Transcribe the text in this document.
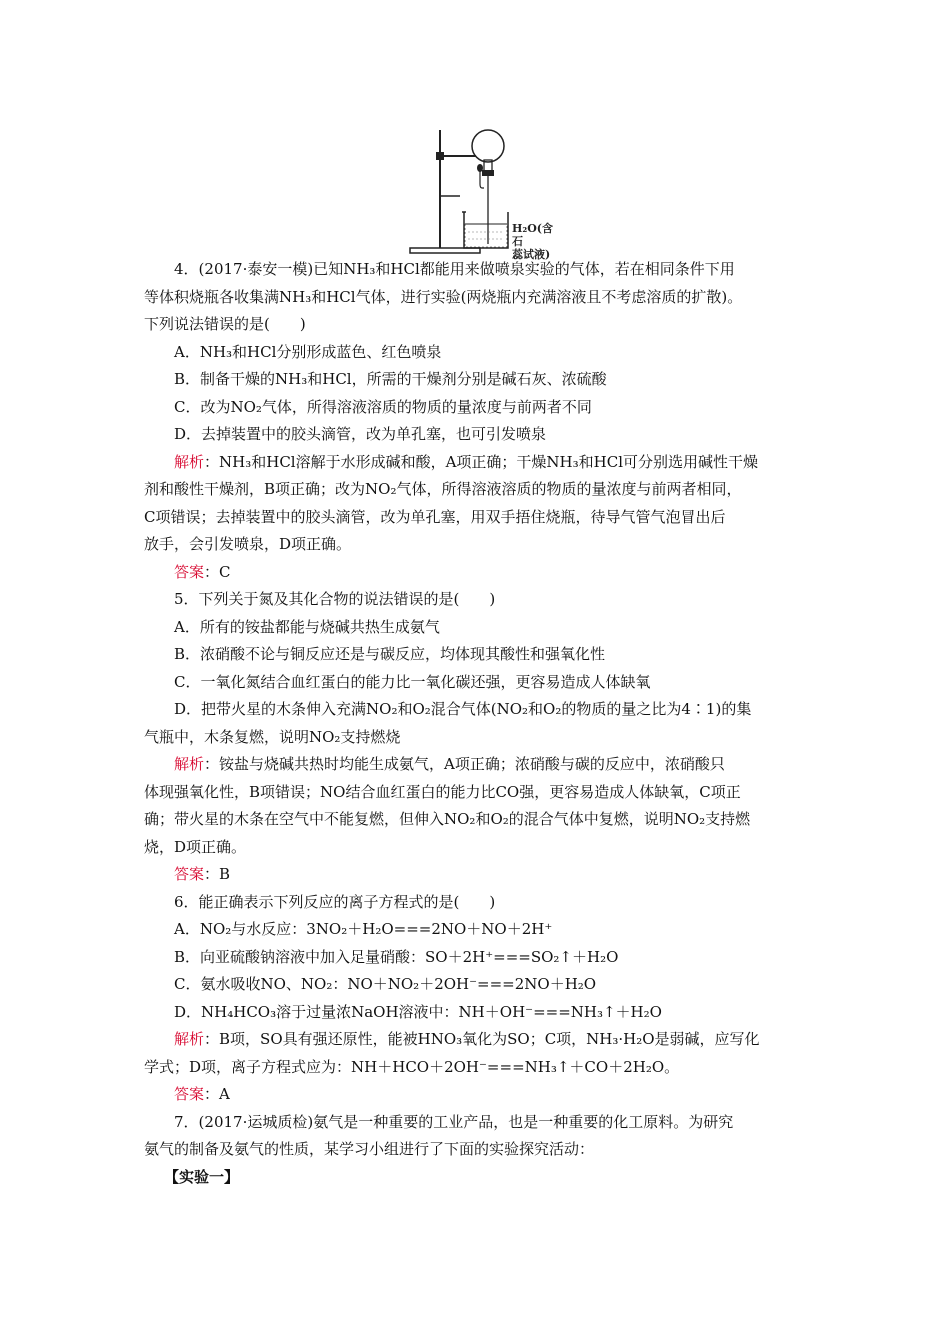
H₂O(含石
蕊试液)
4．(2017·泰安一模)已知NH₃和HCl都能用来做喷泉实验的气体，若在相同条件下用
等体积烧瓶各收集满NH₃和HCl气体，进行实验(两烧瓶内充满溶液且不考虑溶质的扩散)。
下列说法错误的是(　　)
A．NH₃和HCl分别形成蓝色、红色喷泉
B．制备干燥的NH₃和HCl，所需的干燥剂分别是碱石灰、浓硫酸
C．改为NO₂气体，所得溶液溶质的物质的量浓度与前两者不同
D．去掉装置中的胶头滴管，改为单孔塞，也可引发喷泉
解析：NH₃和HCl溶解于水形成碱和酸，A项正确；干燥NH₃和HCl可分别选用碱性干燥
剂和酸性干燥剂，B项正确；改为NO₂气体，所得溶液溶质的物质的量浓度与前两者相同，
C项错误；去掉装置中的胶头滴管，改为单孔塞，用双手捂住烧瓶，待导气管气泡冒出后
放手，会引发喷泉，D项正确。
答案：C
5．下列关于氮及其化合物的说法错误的是(　　)
A．所有的铵盐都能与烧碱共热生成氨气
B．浓硝酸不论与铜反应还是与碳反应，均体现其酸性和强氧化性
C．一氧化氮结合血红蛋白的能力比一氧化碳还强，更容易造成人体缺氧
D．把带火星的木条伸入充满NO₂和O₂混合气体(NO₂和O₂的物质的量之比为4∶1)的集
气瓶中，木条复燃，说明NO₂支持燃烧
解析：铵盐与烧碱共热时均能生成氨气，A项正确；浓硝酸与碳的反应中，浓硝酸只
体现强氧化性，B项错误；NO结合血红蛋白的能力比CO强，更容易造成人体缺氧，C项正
确；带火星的木条在空气中不能复燃，但伸入NO₂和O₂的混合气体中复燃，说明NO₂支持燃
烧，D项正确。
答案：B
6．能正确表示下列反应的离子方程式的是(　　)
A．NO₂与水反应：3NO₂＋H₂O===2NO＋NO＋2H⁺
B．向亚硫酸钠溶液中加入足量硝酸：SO＋2H⁺===SO₂↑＋H₂O
C．氨水吸收NO、NO₂：NO＋NO₂＋2OH⁻===2NO＋H₂O
D．NH₄HCO₃溶于过量浓NaOH溶液中：NH＋OH⁻===NH₃↑＋H₂O
解析：B项，SO具有强还原性，能被HNO₃氧化为SO；C项，NH₃·H₂O是弱碱，应写化
学式；D项，离子方程式应为：NH＋HCO＋2OH⁻===NH₃↑＋CO＋2H₂O。
答案：A
7．(2017·运城质检)氨气是一种重要的工业产品，也是一种重要的化工原料。为研究
氨气的制备及氨气的性质，某学习小组进行了下面的实验探究活动：
【实验一】
